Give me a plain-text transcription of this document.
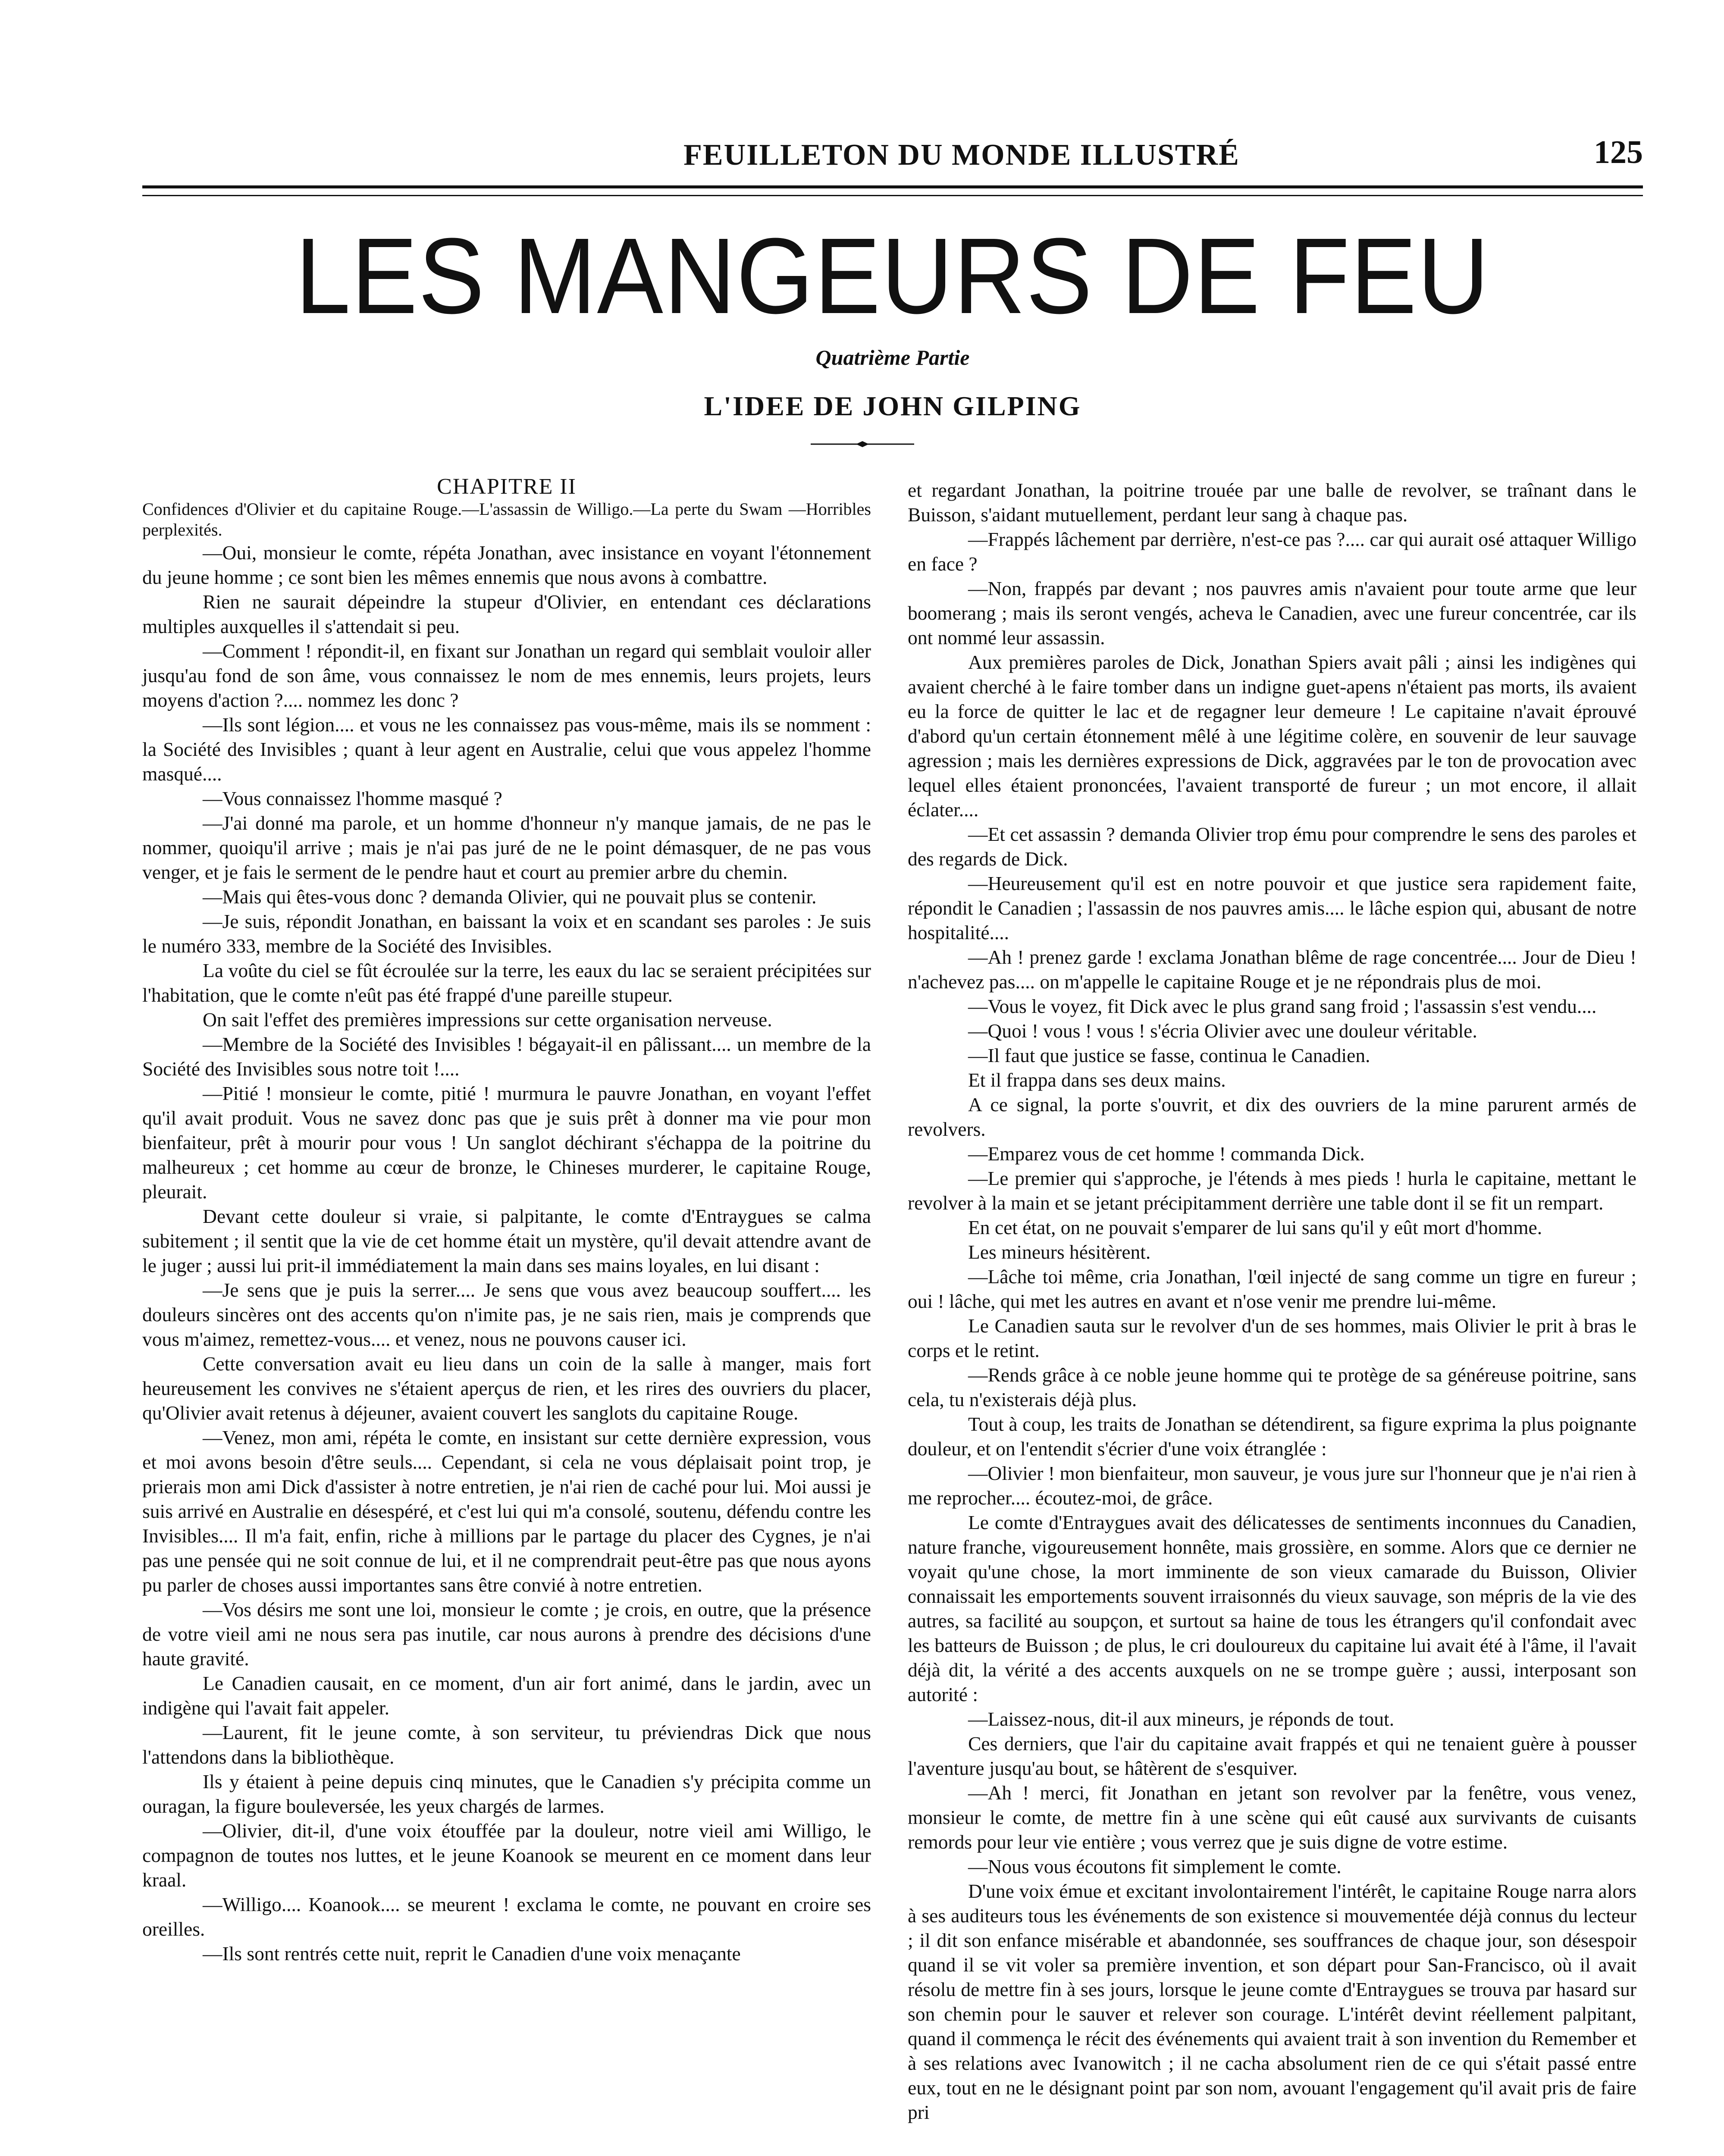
FEUILLETON DU MONDE ILLUSTRÉ	125
LES MANGEURS DE FEU
Quatrième Partie
L'IDEE DE JOHN GILPING

CHAPITRE II

Confidences d'Olivier et du capitaine Rouge.—L'assassin de Willigo.—La perte du Swam —Horribles perplexités.

—Oui, monsieur le comte, répéta Jonathan, avec insistance en voyant l'étonnement du jeune homme ; ce sont bien les mêmes ennemis que nous avons à combattre.

Rien ne saurait dépeindre la stupeur d'Olivier, en entendant ces déclarations multiples auxquelles il s'attendait si peu.

—Comment ! répondit-il, en fixant sur Jonathan un regard qui semblait vouloir aller jusqu'au fond de son âme, vous connaissez le nom de mes ennemis, leurs projets, leurs moyens d'action ?.... nommez les donc ?

—Ils sont légion.... et vous ne les connaissez pas vous-même, mais ils se nomment : la Société des Invisibles ; quant à leur agent en Australie, celui que vous appelez l'homme masqué....

—Vous connaissez l'homme masqué ?

—J'ai donné ma parole, et un homme d'honneur n'y manque jamais, de ne pas le nommer, quoiqu'il arrive ; mais je n'ai pas juré de ne le point démasquer, de ne pas vous venger, et je fais le serment de le pendre haut et court au premier arbre du chemin.

—Mais qui êtes-vous donc ? demanda Olivier, qui ne pouvait plus se contenir.

—Je suis, répondit Jonathan, en baissant la voix et en scandant ses paroles : Je suis le numéro 333, membre de la Société des Invisibles.

La voûte du ciel se fût écroulée sur la terre, les eaux du lac se seraient précipitées sur l'habitation, que le comte n'eût pas été frappé d'une pareille stupeur.

On sait l'effet des premières impressions sur cette organisation nerveuse.

—Membre de la Société des Invisibles ! bégayait-il en pâlissant.... un membre de la Société des Invisibles sous notre toit !....

—Pitié ! monsieur le comte, pitié ! murmura le pauvre Jonathan, en voyant l'effet qu'il avait produit. Vous ne savez donc pas que je suis prêt à donner ma vie pour mon bienfaiteur, prêt à mourir pour vous ! Un sanglot déchirant s'échappa de la poitrine du malheureux ; cet homme au cœur de bronze, le Chineses murderer, le capitaine Rouge, pleurait.

Devant cette douleur si vraie, si palpitante, le comte d'Entraygues se calma subitement ; il sentit que la vie de cet homme était un mystère, qu'il devait attendre avant de le juger ; aussi lui prit-il immédiatement la main dans ses mains loyales, en lui disant :

—Je sens que je puis la serrer.... Je sens que vous avez beaucoup souffert.... les douleurs sincères ont des accents qu'on n'imite pas, je ne sais rien, mais je comprends que vous m'aimez, remettez-vous.... et venez, nous ne pouvons causer ici.

Cette conversation avait eu lieu dans un coin de la salle à manger, mais fort heureusement les convives ne s'étaient aperçus de rien, et les rires des ouvriers du placer, qu'Olivier avait retenus à déjeuner, avaient couvert les sanglots du capitaine Rouge.

—Venez, mon ami, répéta le comte, en insistant sur cette dernière expression, vous et moi avons besoin d'être seuls.... Cependant, si cela ne vous déplaisait point trop, je prierais mon ami Dick d'assister à notre entretien, je n'ai rien de caché pour lui. Moi aussi je suis arrivé en Australie en désespéré, et c'est lui qui m'a consolé, soutenu, défendu contre les Invisibles.... Il m'a fait, enfin, riche à millions par le partage du placer des Cygnes, je n'ai pas une pensée qui ne soit connue de lui, et il ne comprendrait peut-être pas que nous ayons pu parler de choses aussi importantes sans être convié à notre entretien.

—Vos désirs me sont une loi, monsieur le comte ; je crois, en outre, que la présence de votre vieil ami ne nous sera pas inutile, car nous aurons à prendre des décisions d'une haute gravité.

Le Canadien causait, en ce moment, d'un air fort animé, dans le jardin, avec un indigène qui l'avait fait appeler.

—Laurent, fit le jeune comte, à son serviteur, tu préviendras Dick que nous l'attendons dans la bibliothèque.

Ils y étaient à peine depuis cinq minutes, que le Canadien s'y précipita comme un ouragan, la figure bouleversée, les yeux chargés de larmes.

—Olivier, dit-il, d'une voix étouffée par la douleur, notre vieil ami Willigo, le compagnon de toutes nos luttes, et le jeune Koanook se meurent en ce moment dans leur kraal.

—Willigo.... Koanook.... se meurent ! exclama le comte, ne pouvant en croire ses oreilles.

—Ils sont rentrés cette nuit, reprit le Canadien d'une voix menaçante

et regardant Jonathan, la poitrine trouée par une balle de revolver, se traînant dans le Buisson, s'aidant mutuellement, perdant leur sang à chaque pas.

—Frappés lâchement par derrière, n'est-ce pas ?.... car qui aurait osé attaquer Willigo en face ?

—Non, frappés par devant ; nos pauvres amis n'avaient pour toute arme que leur boomerang ; mais ils seront vengés, acheva le Canadien, avec une fureur concentrée, car ils ont nommé leur assassin.

Aux premières paroles de Dick, Jonathan Spiers avait pâli ; ainsi les indigènes qui avaient cherché à le faire tomber dans un indigne guet-apens n'étaient pas morts, ils avaient eu la force de quitter le lac et de regagner leur demeure ! Le capitaine n'avait éprouvé d'abord qu'un certain étonnement mêlé à une légitime colère, en souvenir de leur sauvage agression ; mais les dernières expressions de Dick, aggravées par le ton de provocation avec lequel elles étaient prononcées, l'avaient transporté de fureur ; un mot encore, il allait éclater....

—Et cet assassin ? demanda Olivier trop ému pour comprendre le sens des paroles et des regards de Dick.

—Heureusement qu'il est en notre pouvoir et que justice sera rapidement faite, répondit le Canadien ; l'assassin de nos pauvres amis.... le lâche espion qui, abusant de notre hospitalité....

—Ah ! prenez garde ! exclama Jonathan blême de rage concentrée.... Jour de Dieu ! n'achevez pas.... on m'appelle le capitaine Rouge et je ne répondrais plus de moi.

—Vous le voyez, fit Dick avec le plus grand sang froid ; l'assassin s'est vendu....

—Quoi ! vous ! vous ! s'écria Olivier avec une douleur véritable.

—Il faut que justice se fasse, continua le Canadien.

Et il frappa dans ses deux mains.

A ce signal, la porte s'ouvrit, et dix des ouvriers de la mine parurent armés de revolvers.

—Emparez vous de cet homme ! commanda Dick.

—Le premier qui s'approche, je l'étends à mes pieds ! hurla le capitaine, mettant le revolver à la main et se jetant précipitamment derrière une table dont il se fit un rempart.

En cet état, on ne pouvait s'emparer de lui sans qu'il y eût mort d'homme.

Les mineurs hésitèrent.

—Lâche toi même, cria Jonathan, l'œil injecté de sang comme un tigre en fureur ; oui ! lâche, qui met les autres en avant et n'ose venir me prendre lui-même.

Le Canadien sauta sur le revolver d'un de ses hommes, mais Olivier le prit à bras le corps et le retint.

—Rends grâce à ce noble jeune homme qui te protège de sa généreuse poitrine, sans cela, tu n'existerais déjà plus.

Tout à coup, les traits de Jonathan se détendirent, sa figure exprima la plus poignante douleur, et on l'entendit s'écrier d'une voix étranglée :

—Olivier ! mon bienfaiteur, mon sauveur, je vous jure sur l'honneur que je n'ai rien à me reprocher.... écoutez-moi, de grâce.

Le comte d'Entraygues avait des délicatesses de sentiments inconnues du Canadien, nature franche, vigoureusement honnête, mais grossière, en somme. Alors que ce dernier ne voyait qu'une chose, la mort imminente de son vieux camarade du Buisson, Olivier connaissait les emportements souvent irraisonnés du vieux sauvage, son mépris de la vie des autres, sa facilité au soupçon, et surtout sa haine de tous les étrangers qu'il confondait avec les batteurs de Buisson ; de plus, le cri douloureux du capitaine lui avait été à l'âme, il l'avait déjà dit, la vérité a des accents auxquels on ne se trompe guère ; aussi, interposant son autorité :

—Laissez-nous, dit-il aux mineurs, je réponds de tout.

Ces derniers, que l'air du capitaine avait frappés et qui ne tenaient guère à pousser l'aventure jusqu'au bout, se hâtèrent de s'esquiver.

—Ah ! merci, fit Jonathan en jetant son revolver par la fenêtre, vous venez, monsieur le comte, de mettre fin à une scène qui eût causé aux survivants de cuisants remords pour leur vie entière ; vous verrez que je suis digne de votre estime.

—Nous vous écoutons fit simplement le comte.

D'une voix émue et excitant involontairement l'intérêt, le capitaine Rouge narra alors à ses auditeurs tous les événements de son existence si mouvementée déjà connus du lecteur ; il dit son enfance misérable et abandonnée, ses souffrances de chaque jour, son désespoir quand il se vit voler sa première invention, et son départ pour San-Francisco, où il avait résolu de mettre fin à ses jours, lorsque le jeune comte d'Entraygues se trouva par hasard sur son chemin pour le sauver et relever son courage. L'intérêt devint réellement palpitant, quand il commença le récit des événements qui avaient trait à son invention du Remember et à ses relations avec Ivanowitch ; il ne cacha absolument rien de ce qui s'était passé entre eux, tout en ne le désignant point par son nom, avouant l'engagement qu'il avait pris de faire pri
